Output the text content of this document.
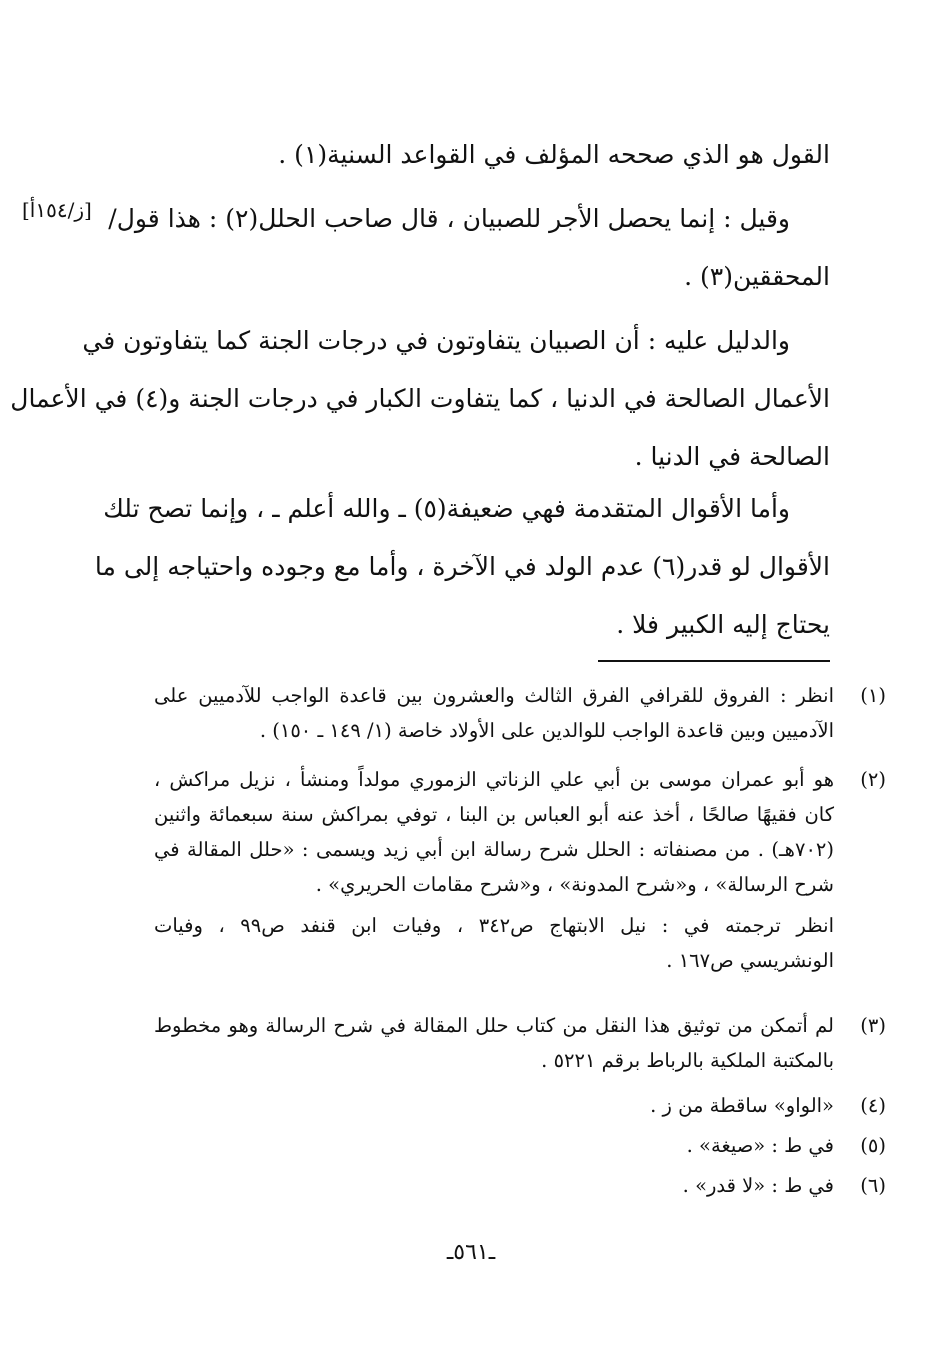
[ز/١٥٤أ]
القول هو الذي صححه المؤلف في القواعد السنية(١) .
وقيل : إنما يحصل الأجر للصبيان ، قال صاحب الحلل(٢) : هذا قول/
المحققين(٣) .
والدليل عليه : أن الصبيان يتفاوتون في درجات الجنة كما يتفاوتون في
الأعمال الصالحة في الدنيا ، كما يتفاوت الكبار في درجات الجنة و(٤) في الأعمال
الصالحة في الدنيا .
وأما الأقوال المتقدمة فهي ضعيفة(٥) ـ والله أعلم ـ ، وإنما تصح تلك
الأقوال لو قدر(٦) عدم الولد في الآخرة ، وأما مع وجوده واحتياجه إلى ما
يحتاج إليه الكبير فلا .
(١)
انظر : الفروق للقرافي الفرق الثالث والعشرون بين قاعدة الواجب للآدميين على
الآدميين وبين قاعدة الواجب للوالدين على الأولاد خاصة (١/ ١٤٩ ـ ١٥٠) .
(٢)
هو أبو عمران موسى بن أبي علي الزناتي الزموري مولداً ومنشأ ، نزيل مراكش ،
كان فقيهًا صالحًا ، أخذ عنه أبو العباس بن البنا ، توفي بمراكش سنة سبعمائة واثنين
(٧٠٢هـ) . من مصنفاته : الحلل شرح رسالة ابن أبي زيد ويسمى : «حلل المقالة في
شرح الرسالة» ، و«شرح المدونة» ، و«شرح مقامات الحريري» .
انظر ترجمته في : نيل الابتهاج ص٣٤٢ ، وفيات ابن قنفد ص٩٩ ، وفيات
الونشريسي ص١٦٧ .
(٣)
لم أتمكن من توثيق هذا النقل من كتاب حلل المقالة في شرح الرسالة وهو مخطوط
بالمكتبة الملكية بالرباط برقم ٥٢٢١ .
(٤)
«الواو» ساقطة من ز .
(٥)
في ط : «صيغة» .
(٦)
في ط : «لا قدر» .
ـ٥٦١ـ
